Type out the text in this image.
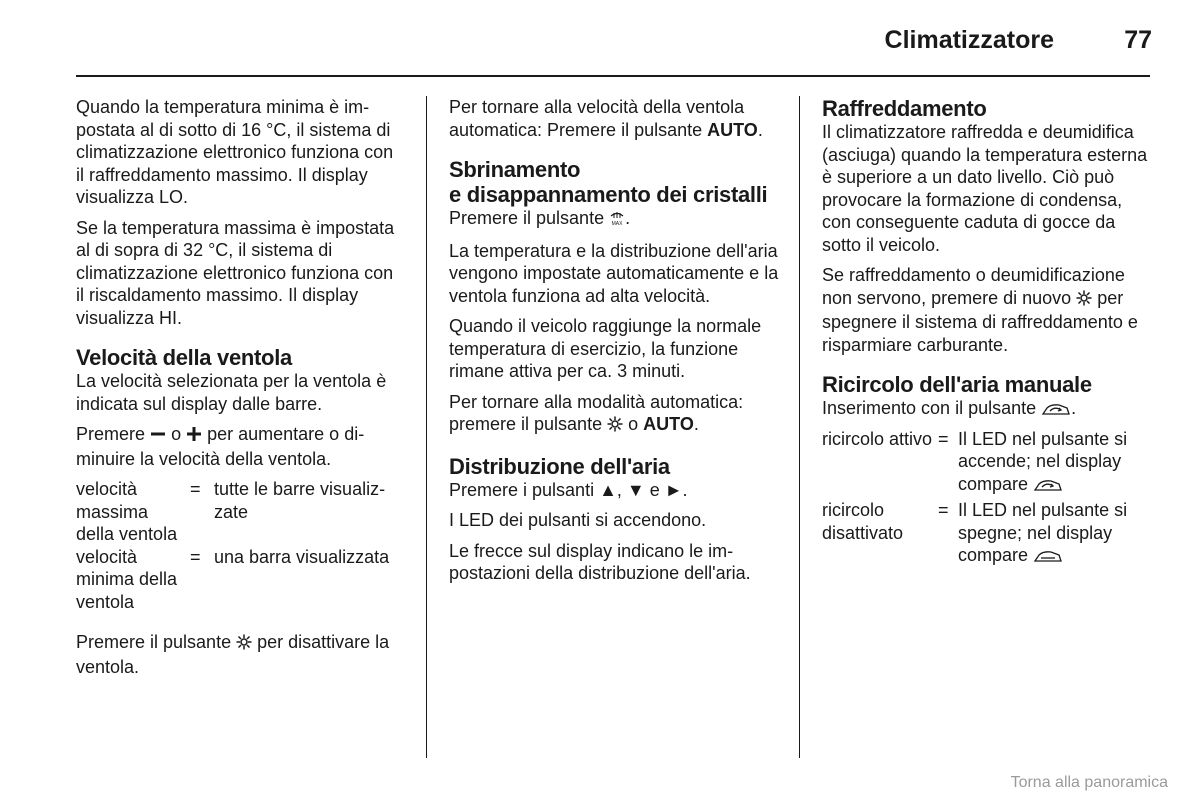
Climatizzatore	77

Quando la temperatura minima è impostata al di sotto di 16 °C, il sistema di climatizzazione elettronico funziona con il raffreddamento massimo. Il display visualizza LO.

Se la temperatura massima è impostata al di sopra di 32 °C, il sistema di climatizzazione elettronico funziona con il riscaldamento massimo. Il display visualizza HI.

Velocità della ventola

La velocità selezionata per la ventola è indicata sul display dalle barre.

Premere o per aumentare o diminuire la velocità della ventola.

velocità massima della ventola
= tutte le barre visualizzate
velocità minima della ventola
= una barra visualizzata

Premere il pulsante per disattivare la ventola.

Per tornare alla velocità della ventola automatica: Premere il pulsante AUTO.

Sbrinamento
e disappannamento dei cristalli

Premere il pulsante MAX .

La temperatura e la distribuzione dell'aria vengono impostate automaticamente e la ventola funziona ad alta velocità.

Quando il veicolo raggiunge la normale temperatura di esercizio, la funzione rimane attiva per ca. 3 minuti.

Per tornare alla modalità automatica: premere il pulsante o AUTO.

Distribuzione dell'aria

Premere i pulsanti ▲, ▼ e ►.

I LED dei pulsanti si accendono.

Le frecce sul display indicano le impostazioni della distribuzione dell'aria.

Raffreddamento

Il climatizzatore raffredda e deumidifica (asciuga) quando la temperatura esterna è superiore a un dato livello. Ciò può provocare la formazione di condensa, con conseguente caduta di gocce da sotto il veicolo.

Se raffreddamento o deumidificazione non servono, premere di nuovo per spegnere il sistema di raffreddamento e risparmiare carburante.

Ricircolo dell'aria manuale

Inserimento con il pulsante .

ricircolo attivo = Il LED nel pulsante si accende; nel display compare
ricircolo disattivato
= Il LED nel pulsante si spegne; nel display compare
Torna alla panoramica
